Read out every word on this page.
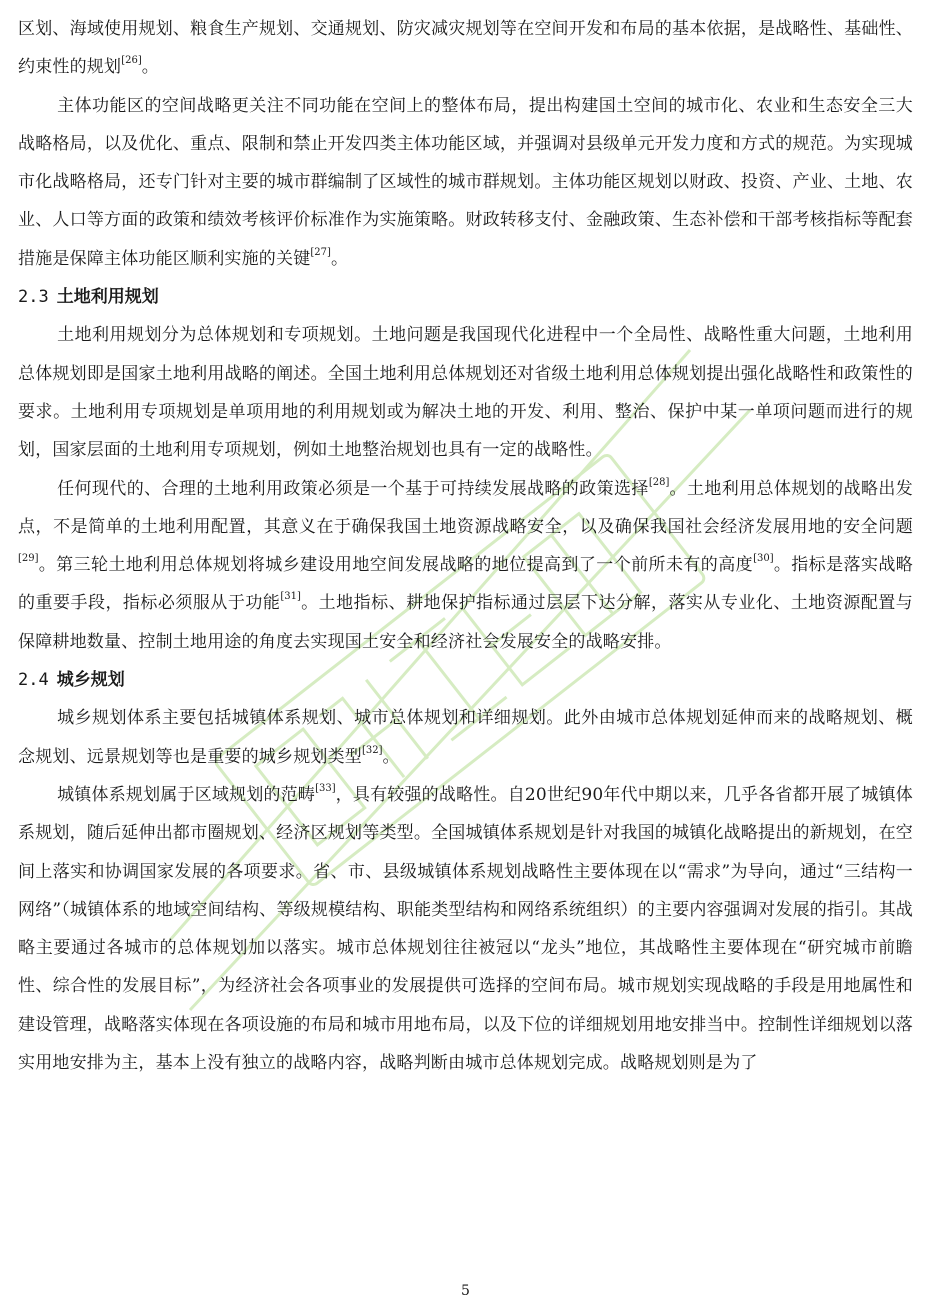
区划、海域使用规划、粮食生产规划、交通规划、防灾减灾规划等在空间开发和布局的基本依据，是战略性、基础性、约束性的规划[26]。

主体功能区的空间战略更关注不同功能在空间上的整体布局，提出构建国土空间的城市化、农业和生态安全三大战略格局，以及优化、重点、限制和禁止开发四类主体功能区域，并强调对县级单元开发力度和方式的规范。为实现城市化战略格局，还专门针对主要的城市群编制了区域性的城市群规划。主体功能区规划以财政、投资、产业、土地、农业、人口等方面的政策和绩效考核评价标准作为实施策略。财政转移支付、金融政策、生态补偿和干部考核指标等配套措施是保障主体功能区顺利实施的关键[27]。

2.3 土地利用规划

土地利用规划分为总体规划和专项规划。土地问题是我国现代化进程中一个全局性、战略性重大问题，土地利用总体规划即是国家土地利用战略的阐述。全国土地利用总体规划还对省级土地利用总体规划提出强化战略性和政策性的要求。土地利用专项规划是单项用地的利用规划或为解决土地的开发、利用、整治、保护中某一单项问题而进行的规划，国家层面的土地利用专项规划，例如土地整治规划也具有一定的战略性。

任何现代的、合理的土地利用政策必须是一个基于可持续发展战略的政策选择[28]。土地利用总体规划的战略出发点，不是简单的土地利用配置，其意义在于确保我国土地资源战略安全，以及确保我国社会经济发展用地的安全问题[29]。第三轮土地利用总体规划将城乡建设用地空间发展战略的地位提高到了一个前所未有的高度[30]。指标是落实战略的重要手段，指标必须服从于功能[31]。土地指标、耕地保护指标通过层层下达分解，落实从专业化、土地资源配置与保障耕地数量、控制土地用途的角度去实现国土安全和经济社会发展安全的战略安排。

2.4 城乡规划

城乡规划体系主要包括城镇体系规划、城市总体规划和详细规划。此外由城市总体规划延伸而来的战略规划、概念规划、远景规划等也是重要的城乡规划类型[32]。

城镇体系规划属于区域规划的范畴[33]，具有较强的战略性。自20世纪90年代中期以来，几乎各省都开展了城镇体系规划，随后延伸出都市圈规划、经济区规划等类型。全国城镇体系规划是针对我国的城镇化战略提出的新规划，在空间上落实和协调国家发展的各项要求。省、市、县级城镇体系规划战略性主要体现在以“需求”为导向，通过“三结构一网络”（城镇体系的地域空间结构、等级规模结构、职能类型结构和网络系统组织）的主要内容强调对发展的指引。其战略主要通过各城市的总体规划加以落实。城市总体规划往往被冠以“龙头”地位，其战略性主要体现在“研究城市前瞻性、综合性的发展目标”，为经济社会各项事业的发展提供可选择的空间布局。城市规划实现战略的手段是用地属性和建设管理，战略落实体现在各项设施的布局和城市用地布局，以及下位的详细规划用地安排当中。控制性详细规划以落实用地安排为主，基本上没有独立的战略内容，战略判断由城市总体规划完成。战略规划则是为了

5
